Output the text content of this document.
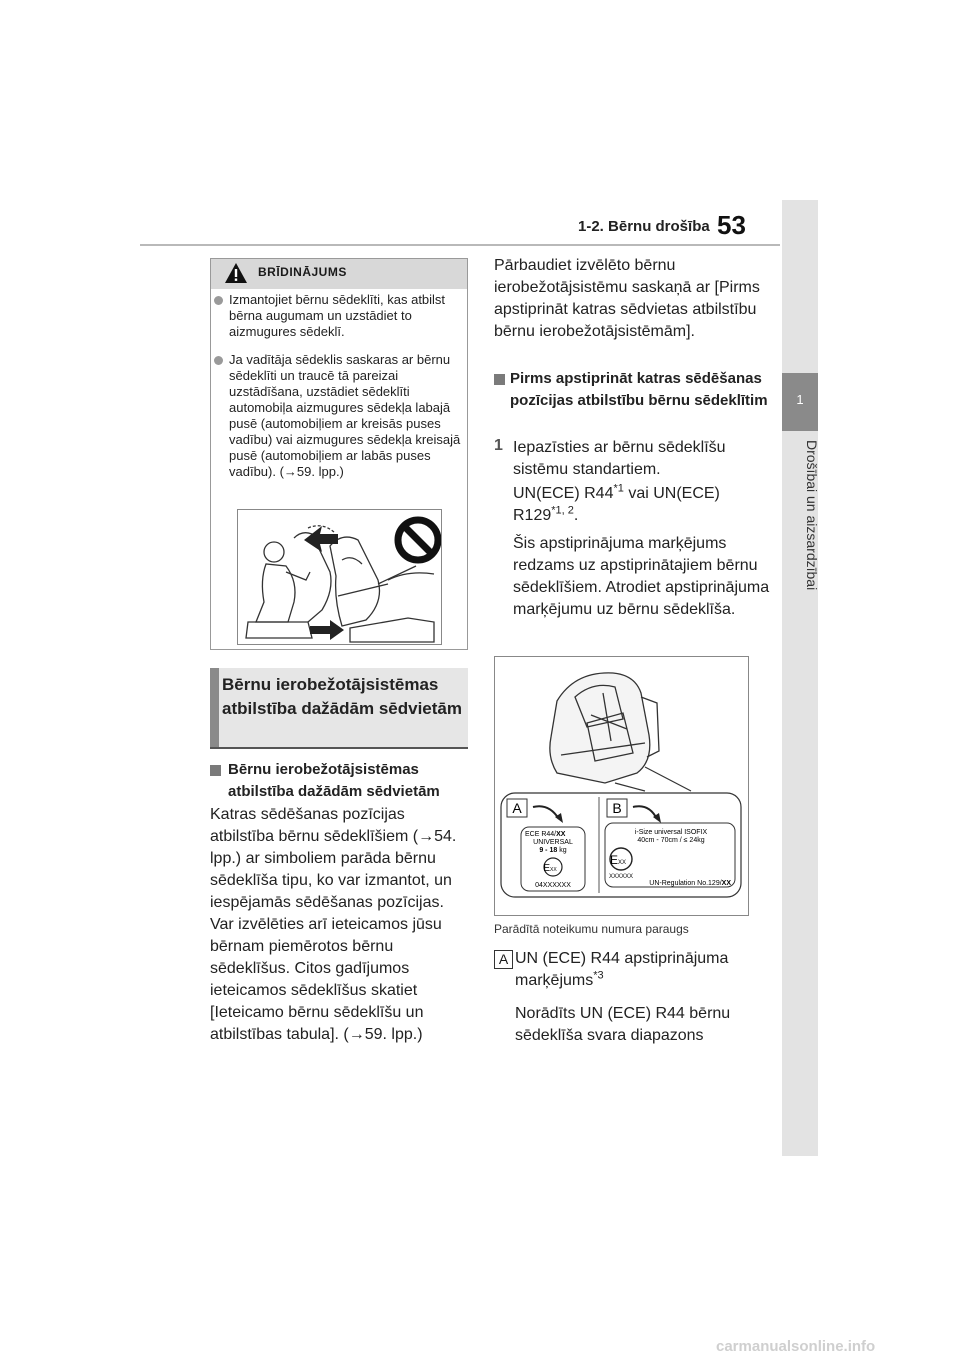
1-2. Bērnu drošība 53
1
Drošībai un aizsardzībai
BRĪDINĀJUMS
Izmantojiet bērnu sēdeklīti, kas atbilst bērna augumam un uzstādiet to aizmugures sēdeklī.
Ja vadītāja sēdeklis saskaras ar bērnu sēdeklīti un traucē tā pareizai uzstādīšana, uzstādiet sēdeklīti automobiļa aizmugures sēdekļa labajā pusē (automobiļiem ar kreisās puses vadību) vai aizmugures sēdekļa kreisajā pusē (automobiļiem ar labās puses vadību). (→59. lpp.)
Bērnu ierobežotājsistēmas atbilstība dažādām sēdvietām
Bērnu ierobežotājsistēmas atbilstība dažādām sēdvietām
Katras sēdēšanas pozīcijas atbilstība bērnu sēdeklīšiem (→54. lpp.) ar simboliem parāda bērnu sēdeklīša tipu, ko var izmantot, un iespējamās sēdēšanas pozīcijas. Var izvēlēties arī ieteicamos jūsu bērnam piemērotos bērnu sēdeklīšus. Citos gadījumos ieteicamos sēdeklīšus skatiet [Ieteicamo bērnu sēdeklīšu un atbilstības tabula]. (→59. lpp.)
Pārbaudiet izvēlēto bērnu ierobežotājsistēmu saskaņā ar [Pirms apstiprināt katras sēdvietas atbilstību bērnu ierobežotājsistēmām].
Pirms apstiprināt katras sēdēšanas pozīcijas atbilstību bērnu sēdeklītim
1 Iepazīsties ar bērnu sēdeklīšu sistēmu standartiem.
UN(ECE) R44$^{*1}$ vai UN(ECE) R129$^{*1, 2}$.
Šis apstiprinājuma marķējums redzams uz apstiprinātajiem bērnu sēdeklīšiem. Atrodiet apstiprinājuma marķējumu uz bērnu sēdeklīša.
A	B
ECE R44/XX
UNIVERSAL
9 - 18 kg
EXX
04XXXXXX
i-Size universal ISOFIX
40cm - 70cm / ≤ 24kg
EXX
XXXXXX
UN-Regulation No.129/XX
Parādītā noteikumu numura paraugs
A UN (ECE) R44 apstiprinājuma marķējums$^{*3}$
Norādīts UN (ECE) R44 bērnu sēdeklīša svara diapazons
carmanualsonline.info
